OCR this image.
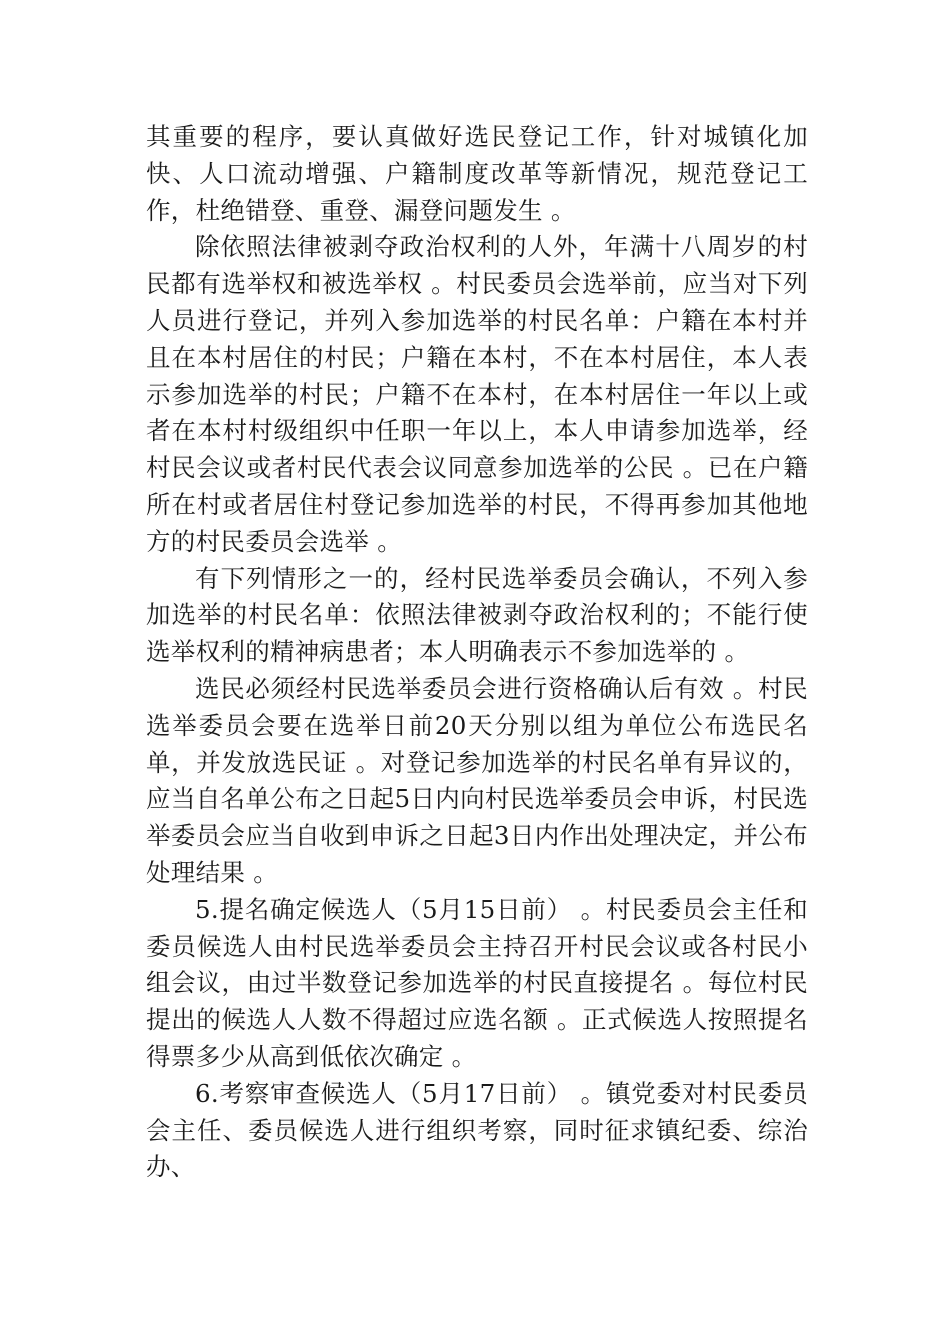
其重要的程序，要认真做好选民登记工作，针对城镇化加快、人口流动增强、户籍制度改革等新情况，规范登记工作，杜绝错登、重登、漏登问题发生 。

除依照法律被剥夺政治权利的人外，年满十八周岁的村民都有选举权和被选举权 。村民委员会选举前，应当对下列人员进行登记，并列入参加选举的村民名单：户籍在本村并且在本村居住的村民；户籍在本村，不在本村居住，本人表示参加选举的村民；户籍不在本村，在本村居住一年以上或者在本村村级组织中任职一年以上，本人申请参加选举，经村民会议或者村民代表会议同意参加选举的公民 。已在户籍所在村或者居住村登记参加选举的村民，不得再参加其他地方的村民委员会选举 。

有下列情形之一的，经村民选举委员会确认，不列入参加选举的村民名单：依照法律被剥夺政治权利的；不能行使选举权利的精神病患者；本人明确表示不参加选举的 。

选民必须经村民选举委员会进行资格确认后有效 。村民选举委员会要在选举日前20天分别以组为单位公布选民名单，并发放选民证 。对登记参加选举的村民名单有异议的，应当自名单公布之日起5日内向村民选举委员会申诉，村民选举委员会应当自收到申诉之日起3日内作出处理决定，并公布处理结果 。

5.提名确定候选人（5月15日前） 。村民委员会主任和委员候选人由村民选举委员会主持召开村民会议或各村民小组会议，由过半数登记参加选举的村民直接提名 。每位村民提出的候选人人数不得超过应选名额 。正式候选人按照提名得票多少从高到低依次确定 。

6.考察审查候选人（5月17日前） 。镇党委对村民委员会主任、委员候选人进行组织考察，同时征求镇纪委、综治办、
